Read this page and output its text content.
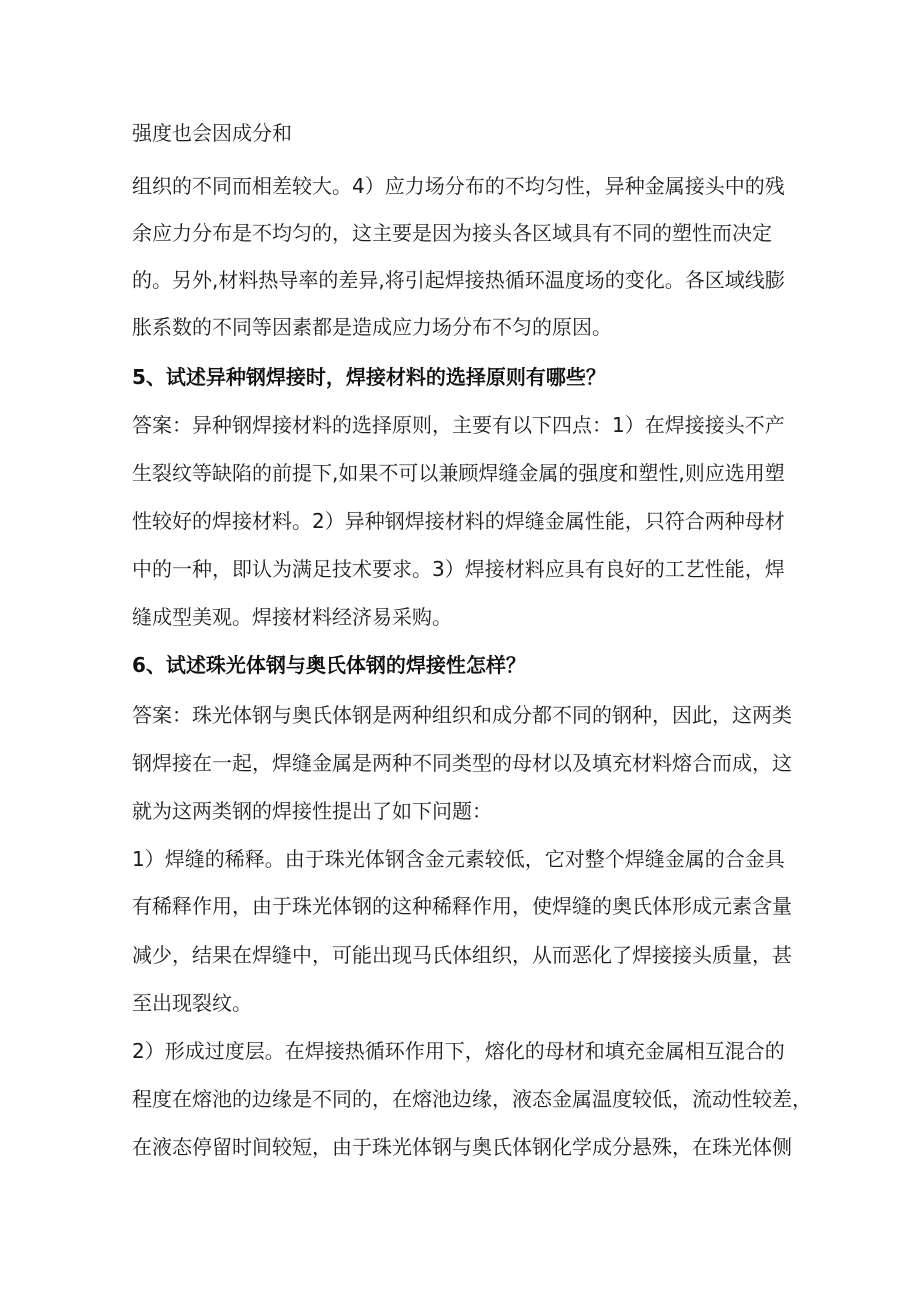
强度也会因成分和
组织的不同而相差较大。4）应力场分布的不均匀性，异种金属接头中的残
余应力分布是不均匀的，这主要是因为接头各区域具有不同的塑性而决定
的。另外,材料热导率的差异,将引起焊接热循环温度场的变化。各区域线膨
胀系数的不同等因素都是造成应力场分布不匀的原因。
5、试述异种钢焊接时，焊接材料的选择原则有哪些？
答案：异种钢焊接材料的选择原则，主要有以下四点：1）在焊接接头不产
生裂纹等缺陷的前提下,如果不可以兼顾焊缝金属的强度和塑性,则应选用塑
性较好的焊接材料。2）异种钢焊接材料的焊缝金属性能，只符合两种母材
中的一种，即认为满足技术要求。3）焊接材料应具有良好的工艺性能，焊
缝成型美观。焊接材料经济易采购。
6、试述珠光体钢与奥氏体钢的焊接性怎样？
答案：珠光体钢与奥氏体钢是两种组织和成分都不同的钢种，因此，这两类
钢焊接在一起，焊缝金属是两种不同类型的母材以及填充材料熔合而成，这
就为这两类钢的焊接性提出了如下问题：
1）焊缝的稀释。由于珠光体钢含金元素较低，它对整个焊缝金属的合金具
有稀释作用，由于珠光体钢的这种稀释作用，使焊缝的奥氏体形成元素含量
减少，结果在焊缝中，可能出现马氏体组织，从而恶化了焊接接头质量，甚
至出现裂纹。
2）形成过度层。在焊接热循环作用下，熔化的母材和填充金属相互混合的
程度在熔池的边缘是不同的，在熔池边缘，液态金属温度较低，流动性较差，
在液态停留时间较短，由于珠光体钢与奥氏体钢化学成分悬殊，在珠光体侧
